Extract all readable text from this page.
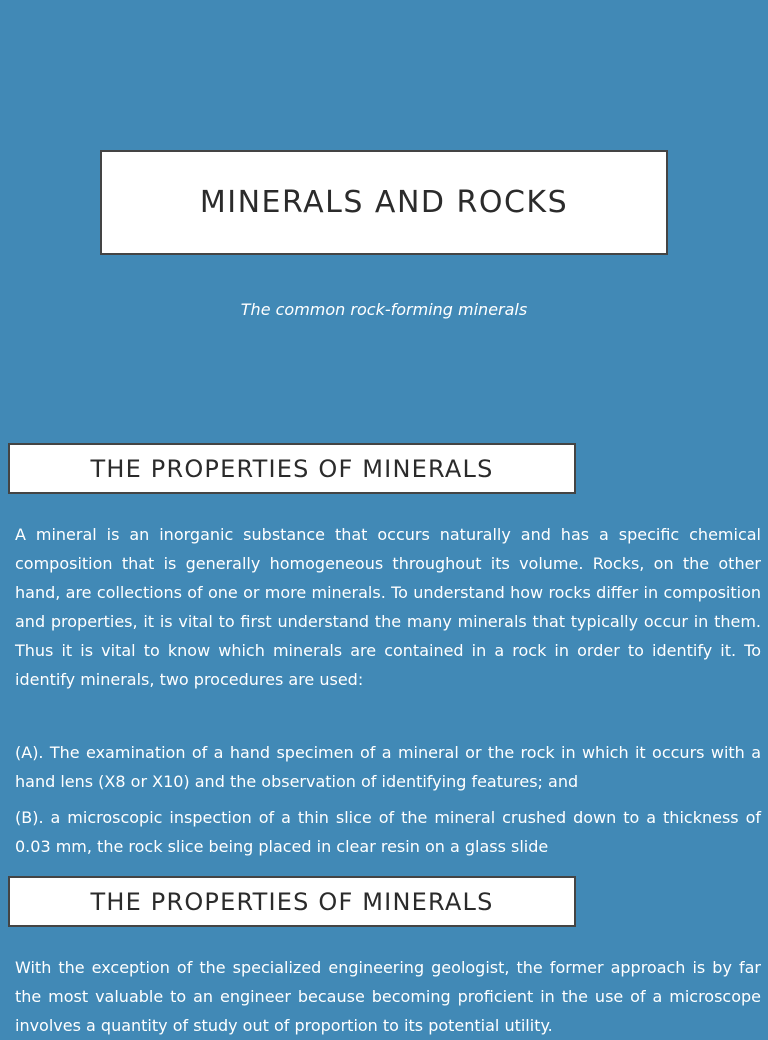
MINERALS AND ROCKS
The common rock-forming minerals
THE PROPERTIES OF MINERALS

A mineral is an inorganic substance that occurs naturally and has a specific chemical composition that is generally homogeneous throughout its volume. Rocks, on the other hand, are collections of one or more minerals. To understand how rocks differ in composition and properties, it is vital to first understand the many minerals that typically occur in them. Thus it is vital to know which minerals are contained in a rock in order to identify it. To identify minerals, two procedures are used:

(A). The examination of a hand specimen of a mineral or the rock in which it occurs with a hand lens (X8 or X10) and the observation of identifying features; and

(B). a microscopic inspection of a thin slice of the mineral crushed down to a thickness of 0.03 mm, the rock slice being placed in clear resin on a glass slide

THE PROPERTIES OF MINERALS

With the exception of the specialized engineering geologist, the former approach is by far the most valuable to an engineer because becoming proficient in the use of a microscope involves a quantity of study out of proportion to its potential utility.
